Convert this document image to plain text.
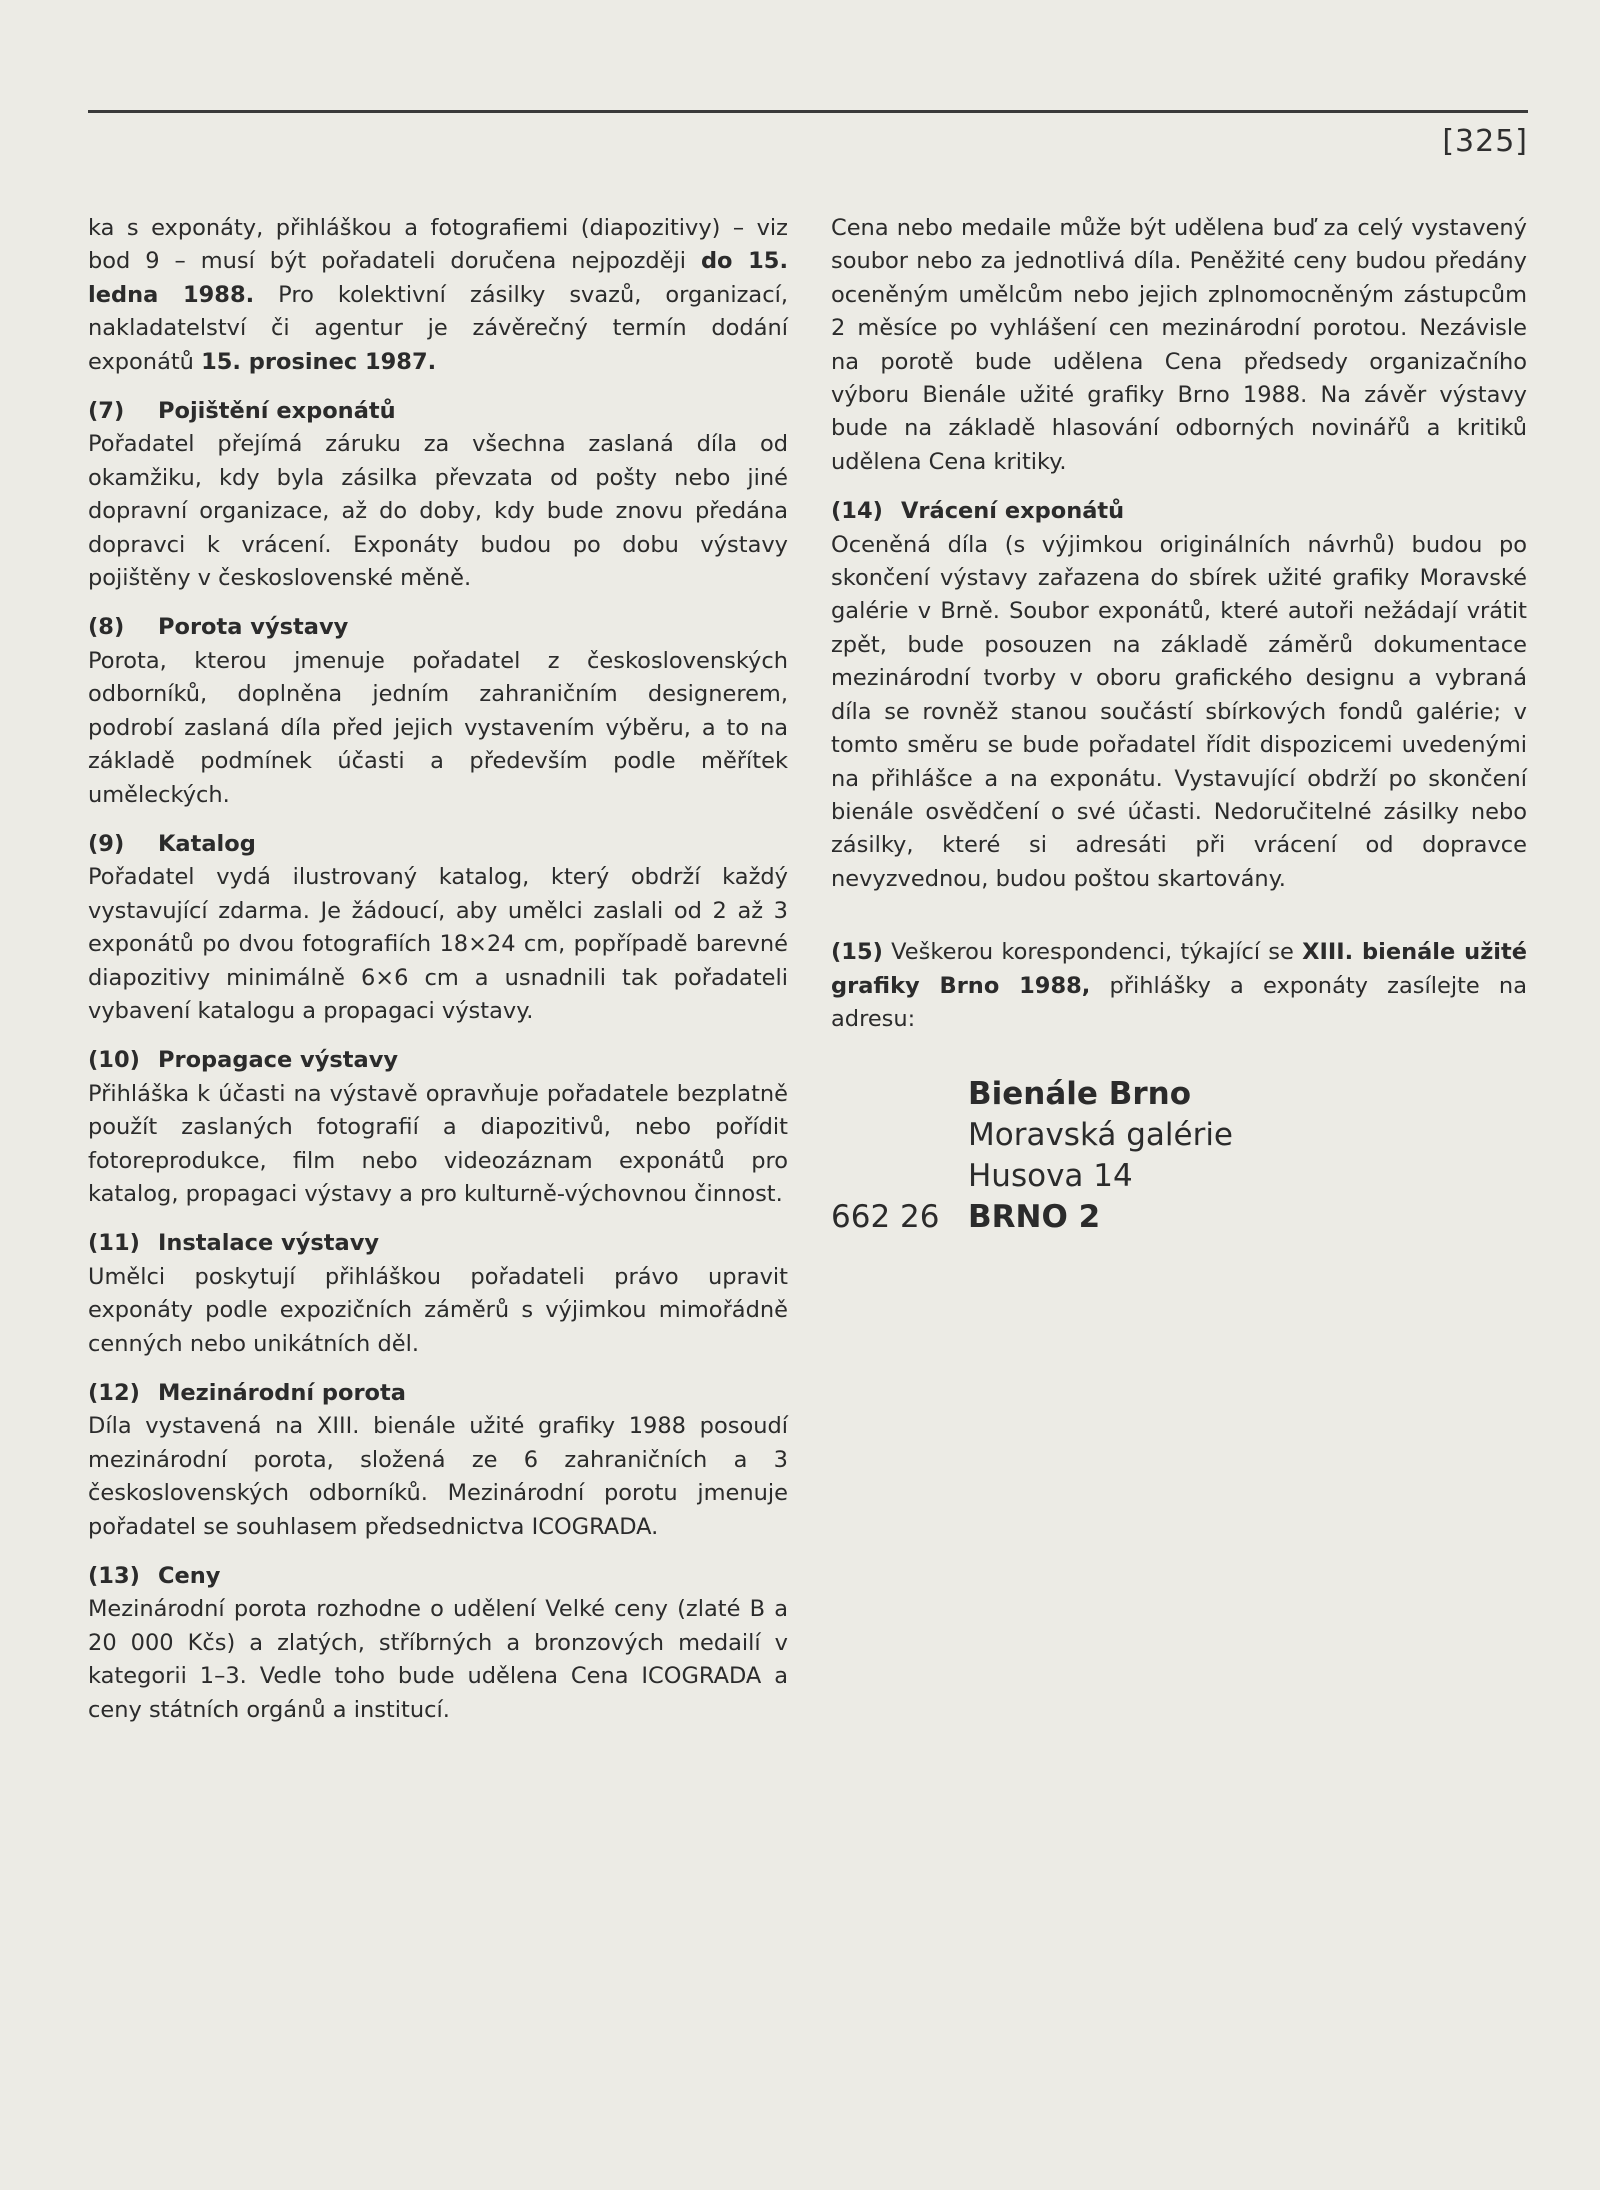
[325]

ka s exponáty, přihláškou a fotografiemi (diapozitivy) – viz bod 9 – musí být pořadateli doručena nejpozději do 15. ledna 1988. Pro kolektivní zásilky svazů, organizací, nakladatelství či agentur je závěrečný termín dodání exponátů 15. prosinec 1987.

(7) Pojištění exponátů

Pořadatel přejímá záruku za všechna zaslaná díla od okamžiku, kdy byla zásilka převzata od pošty nebo jiné dopravní organizace, až do doby, kdy bude znovu předána dopravci k vrácení. Exponáty budou po dobu výstavy pojištěny v československé měně.

(8) Porota výstavy

Porota, kterou jmenuje pořadatel z československých odborníků, doplněna jedním zahraničním designerem, podrobí zaslaná díla před jejich vystavením výběru, a to na základě podmínek účasti a především podle měřítek uměleckých.

(9) Katalog

Pořadatel vydá ilustrovaný katalog, který obdrží každý vystavující zdarma. Je žádoucí, aby umělci zaslali od 2 až 3 exponátů po dvou fotografiích 18×24 cm, popřípadě barevné diapozitivy minimálně 6×6 cm a usnadnili tak pořadateli vybavení katalogu a propagaci výstavy.

(10) Propagace výstavy

Přihláška k účasti na výstavě opravňuje pořadatele bezplatně použít zaslaných fotografií a diapozitivů, nebo pořídit fotoreprodukce, film nebo videozáznam exponátů pro katalog, propagaci výstavy a pro kulturně-výchovnou činnost.

(11) Instalace výstavy

Umělci poskytují přihláškou pořadateli právo upravit exponáty podle expozičních záměrů s výjimkou mimořádně cenných nebo unikátních děl.

(12) Mezinárodní porota

Díla vystavená na XIII. bienále užité grafiky 1988 posoudí mezinárodní porota, složená ze 6 zahraničních a 3 československých odborníků. Mezinárodní porotu jmenuje pořadatel se souhlasem předsednictva ICOGRADA.

(13) Ceny

Mezinárodní porota rozhodne o udělení Velké ceny (zlaté B a 20 000 Kčs) a zlatých, stříbrných a bronzových medailí v kategorii 1–3. Vedle toho bude udělena Cena ICOGRADA a ceny státních orgánů a institucí.

Cena nebo medaile může být udělena buď za celý vystavený soubor nebo za jednotlivá díla. Peněžité ceny budou předány oceněným umělcům nebo jejich zplnomocněným zástupcům 2 měsíce po vyhlášení cen mezinárodní porotou. Nezávisle na porotě bude udělena Cena předsedy organizačního výboru Bienále užité grafiky Brno 1988. Na závěr výstavy bude na základě hlasování odborných novinářů a kritiků udělena Cena kritiky.

(14) Vrácení exponátů

Oceněná díla (s výjimkou originálních návrhů) budou po skončení výstavy zařazena do sbírek užité grafiky Moravské galérie v Brně. Soubor exponátů, které autoři nežádají vrátit zpět, bude posouzen na základě záměrů dokumentace mezinárodní tvorby v oboru grafického designu a vybraná díla se rovněž stanou součástí sbírkových fondů galérie; v tomto směru se bude pořadatel řídit dispozicemi uvedenými na přihlášce a na exponátu. Vystavující obdrží po skončení bienále osvědčení o své účasti. Nedoručitelné zásilky nebo zásilky, které si adresáti při vrácení od dopravce nevyzvednou, budou poštou skartovány.

(15) Veškerou korespondenci, týkající se XIII. bienále užité grafiky Brno 1988, přihlášky a exponáty zasílejte na adresu:

Bienále Brno
Moravská galérie
Husova 14
662 26 BRNO 2
